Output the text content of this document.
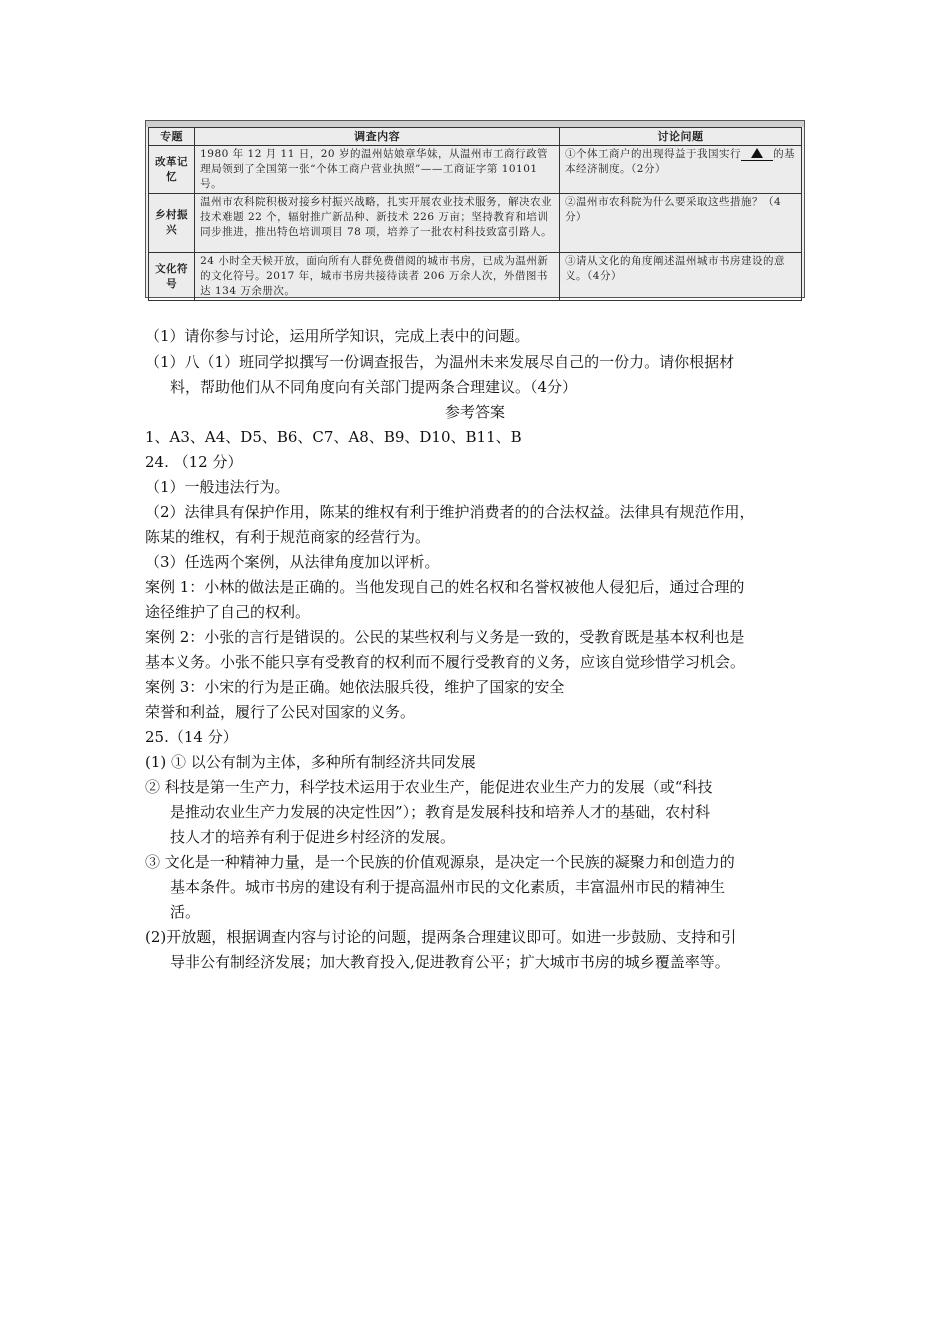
专题	调查内容	讨论问题
改革记忆	1980 年 12 月 11 日，20 岁的温州姑娘章华妹，从温州市工商行政管理局领到了全国第一张“个体工商户营业执照”——工商证字第 10101 号。	①个体工商户的出现得益于我国实行 的基本经济制度。（2分）
乡村振兴	温州市农科院积极对接乡村振兴战略，扎实开展农业技术服务，解决农业技术难题 22 个，辐射推广新品种、新技术 226 万亩；坚持教育和培训同步推进，推出特色培训项目 78 项，培养了一批农村科技致富引路人。	②温州市农科院为什么要采取这些措施？（4分）
文化符号	24 小时全天候开放，面向所有人群免费借阅的城市书房，已成为温州新的文化符号。2017 年，城市书房共接待读者 206 万余人次，外借图书达 134 万余册次。	③请从文化的角度阐述温州城市书房建设的意义。（4分）
（1）请你参与讨论，运用所学知识，完成上表中的问题。
（1）八（1）班同学拟撰写一份调查报告，为温州未来发展尽自己的一份力。请你根据材
料，帮助他们从不同角度向有关部门提两条合理建议。（4分）
参考答案
1、A3、A4、D5、B6、C7、A8、B9、D10、B11、B
24. （12 分）
（1）一般违法行为。
（2）法律具有保护作用，陈某的维权有利于维护消费者的的合法权益。法律具有规范作用，
陈某的维权，有利于规范商家的经营行为。
（3）任选两个案例，从法律角度加以评析。
案例 1：小林的做法是正确的。当他发现自己的姓名权和名誉权被他人侵犯后，通过合理的
途径维护了自己的权利。
案例 2：小张的言行是错误的。公民的某些权利与义务是一致的，受教育既是基本权利也是
基本义务。小张不能只享有受教育的权利而不履行受教育的义务，应该自觉珍惜学习机会。
案例 3：小宋的行为是正确。她依法服兵役，维护了国家的安全
荣誉和利益，履行了公民对国家的义务。
25.（14 分）
(1) ① 以公有制为主体，多种所有制经济共同发展
② 科技是第一生产力，科学技术运用于农业生产，能促进农业生产力的发展（或“科技
是推动农业生产力发展的决定性因”）；教育是发展科技和培养人才的基础，农村科
技人才的培养有利于促进乡村经济的发展。
③ 文化是一种精神力量，是一个民族的价值观源泉，是决定一个民族的凝聚力和创造力的
基本条件。城市书房的建设有利于提高温州市民的文化素质，丰富温州市民的精神生
活。
(2)开放题，根据调查内容与讨论的问题，提两条合理建议即可。如进一步鼓励、支持和引
导非公有制经济发展；加大教育投入,促进教育公平；扩大城市书房的城乡覆盖率等。
